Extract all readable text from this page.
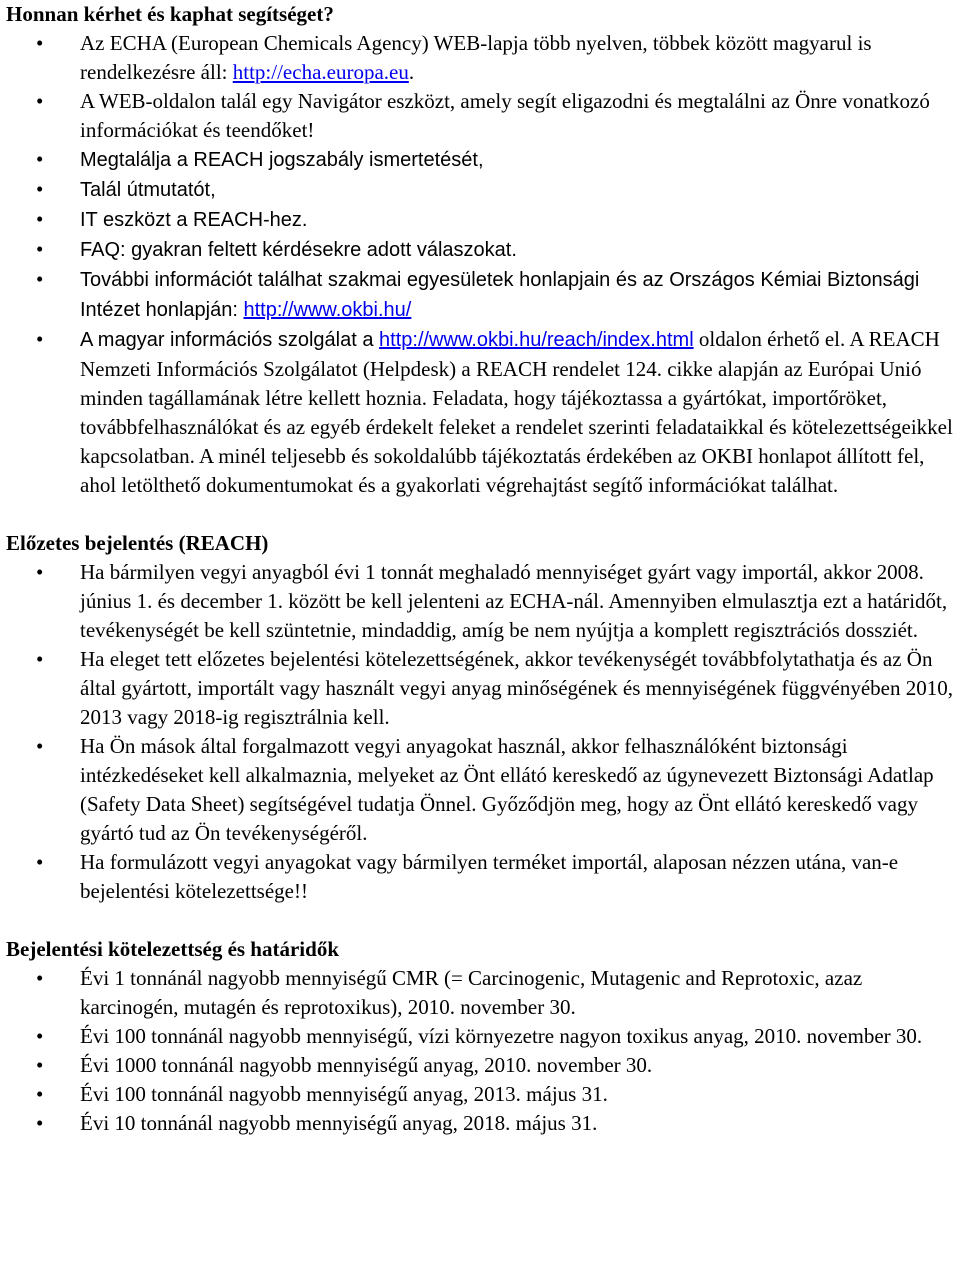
Honnan kérhet és kaphat segítséget?
• Az ECHA (European Chemicals Agency) WEB-lapja több nyelven, többek között magyarul is rendelkezésre áll: http://echa.europa.eu.
• A WEB-oldalon talál egy Navigátor eszközt, amely segít eligazodni és megtalálni az Önre vonatkozó információkat és teendőket!
• Megtalálja a REACH jogszabály ismertetését,
• Talál útmutatót,
• IT eszközt a REACH-hez.
• FAQ: gyakran feltett kérdésekre adott válaszokat.
• További információt találhat szakmai egyesületek honlapjain és az Országos Kémiai Biztonsági Intézet honlapján: http://www.okbi.hu/
• A magyar információs szolgálat a http://www.okbi.hu/reach/index.html oldalon érhető el. A REACH Nemzeti Információs Szolgálatot (Helpdesk) a REACH rendelet 124. cikke alapján az Európai Unió minden tagállamának létre kellett hoznia. Feladata, hogy tájékoztassa a gyártókat, importőröket, továbbfelhasználókat és az egyéb érdekelt feleket a rendelet szerinti feladataikkal és kötelezettségeikkel kapcsolatban. A minél teljesebb és sokoldalúbb tájékoztatás érdekében az OKBI honlapot állított fel, ahol letölthető dokumentumokat és a gyakorlati végrehajtást segítő információkat találhat.
Előzetes bejelentés (REACH)
• Ha bármilyen vegyi anyagból évi 1 tonnát meghaladó mennyiséget gyárt vagy importál, akkor 2008. június 1. és december 1. között be kell jelenteni az ECHA-nál. Amennyiben elmulasztja ezt a határidőt, tevékenységét be kell szüntetnie, mindaddig, amíg be nem nyújtja a komplett regisztrációs dossziét.
• Ha eleget tett előzetes bejelentési kötelezettségének, akkor tevékenységét továbbfolytathatja és az Ön által gyártott, importált vagy használt vegyi anyag minőségének és mennyiségének függvényében 2010, 2013 vagy 2018-ig regisztrálnia kell.
• Ha Ön mások által forgalmazott vegyi anyagokat használ, akkor felhasználóként biztonsági intézkedéseket kell alkalmaznia, melyeket az Önt ellátó kereskedő az úgynevezett Biztonsági Adatlap (Safety Data Sheet) segítségével tudatja Önnel. Győződjön meg, hogy az Önt ellátó kereskedő vagy gyártó tud az Ön tevékenységéről.
• Ha formulázott vegyi anyagokat vagy bármilyen terméket importál, alaposan nézzen utána, van-e bejelentési kötelezettsége!!
Bejelentési kötelezettség és határidők
• Évi 1 tonnánál nagyobb mennyiségű CMR (= Carcinogenic, Mutagenic and Reprotoxic, azaz karcinogén, mutagén és reprotoxikus), 2010. november 30.
• Évi 100 tonnánál nagyobb mennyiségű, vízi környezetre nagyon toxikus anyag, 2010. november 30.
• Évi 1000 tonnánál nagyobb mennyiségű anyag, 2010. november 30.
• Évi 100 tonnánál nagyobb mennyiségű anyag, 2013. május 31.
• Évi 10 tonnánál nagyobb mennyiségű anyag, 2018. május 31.
